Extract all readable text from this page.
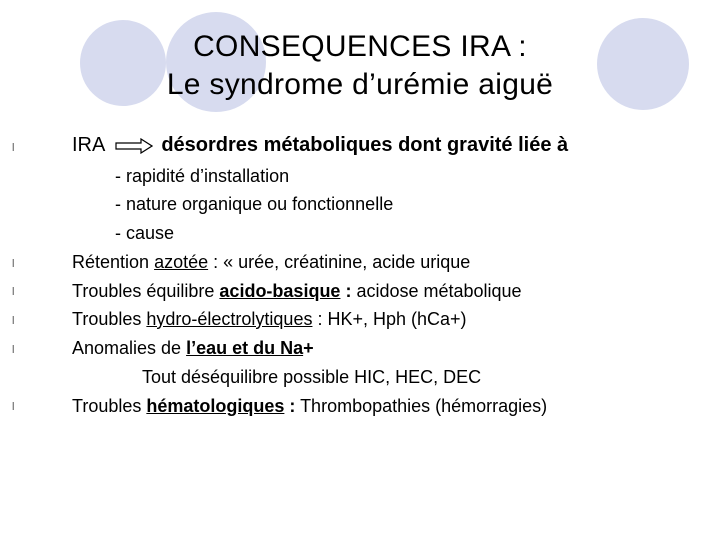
CONSEQUENCES IRA :
Le syndrome d’urémie aiguë
l
l
l
l
l
l
IRA	désordres métaboliques dont gravité liée à
- rapidité d’installation
- nature organique ou fonctionnelle
- cause
Rétention azotée : « urée, créatinine, acide urique
Troubles équilibre acido-basique : acidose métabolique
Troubles hydro-électrolytiques : HK+, Hph (hCa+)
Anomalies de l’eau et du Na+
Tout déséquilibre possible HIC, HEC, DEC
Troubles hématologiques : Thrombopathies (hémorragies)
